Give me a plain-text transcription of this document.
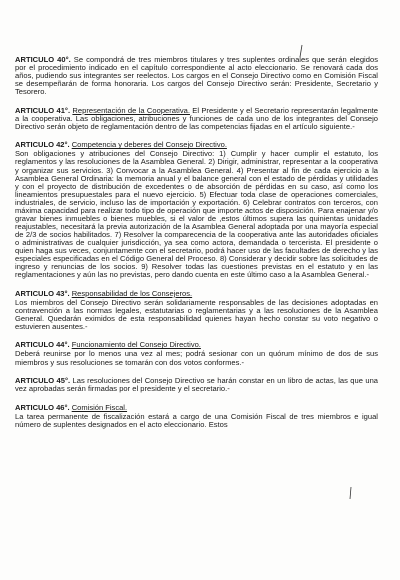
ARTICULO 40°. Se compondrá de tres miembros titulares y tres suplentes ordinales que serán elegidos por el procedimiento indicado en el capítulo correspondiente al acto eleccionario. Se renovará cada dos años, pudiendo sus integrantes ser reelectos. Los cargos en el Consejo Directivo como en Comisión Fiscal se desempeñarán de forma honoraria. Los cargos del Consejo Directivo serán: Presidente, Secretario y Tesorero.

ARTICULO 41°. Representación de la Cooperativa. El Presidente y el Secretario representarán legalmente a la cooperativa. Las obligaciones, atribuciones y funciones de cada uno de los integrantes del Consejo Directivo serán objeto de reglamentación dentro de las competencias fijadas en el artículo siguiente.-

ARTICULO 42°. Competencia y deberes del Consejo Directivo.

Son obligaciones y atribuciones del Consejo Directivo: 1) Cumplir y hacer cumplir el estatuto, los reglamentos y las resoluciones de la Asamblea General. 2) Dirigir, administrar, representar a la cooperativa y organizar sus servicios. 3) Convocar a la Asamblea General. 4) Presentar al fin de cada ejercicio a la Asamblea General Ordinaria: la memoria anual y el balance general con el estado de pérdidas y utilidades y con el proyecto de distribución de excedentes o de absorción de pérdidas en su caso, así como los lineamientos presupuestales para el nuevo ejercicio. 5) Efectuar toda clase de operaciones comerciales, industriales, de servicio, incluso las de importación y exportación. 6) Celebrar contratos con terceros, con máxima capacidad para realizar todo tipo de operación que importe actos de disposición. Para enajenar y/o gravar bienes inmuebles o bienes muebles, si el valor de ,estos últimos supera las quinientas unidades reajustables, necesitará la previa autorización de la Asamblea General adoptada por una mayoría especial de 2/3 de socios habilitados. 7) Resolver la comparecencia de la cooperativa ante las autoridades oficiales o administrativas de cualquier jurisdicción, ya sea como actora, demandada o tercerista. El presidente o quien haga sus veces, conjuntamente con el secretario, podrá hacer uso de las facultades de derecho y las especiales especificadas en el Código General del Proceso. 8) Considerar y decidir sobre las solicitudes de ingreso y renuncias de los socios. 9) Resolver todas las cuestiones previstas en el estatuto y en las reglamentaciones y aún las no previstas, pero dando cuenta en este último caso a la Asamblea General.-

ARTICULO 43°. Responsabilidad de los Consejeros.

Los miembros del Consejo Directivo serán solidariamente responsables de las decisiones adoptadas en contravención a las normas legales, estatutarias o reglamentarias y a las resoluciones de la Asamblea General. Quedarán eximidos de esta responsabilidad quienes hayan hecho constar su voto negativo o estuvieren ausentes.-

ARTICULO 44°. Funcionamiento del Consejo Directivo.

Deberá reunirse por lo menos una vez al mes; podrá sesionar con un quórum mínimo de dos de sus miembros y sus resoluciones se tomarán con dos votos conformes.-

ARTICULO 45°. Las resoluciones del Consejo Directivo se harán constar en un libro de actas, las que una vez aprobadas serán firmadas por el presidente y el secretario.-

ARTICULO 46°. Comisión Fiscal.

La tarea permanente de fiscalización estará a cargo de una Comisión Fiscal de tres miembros e igual número de suplentes designados en el acto eleccionario. Estos
